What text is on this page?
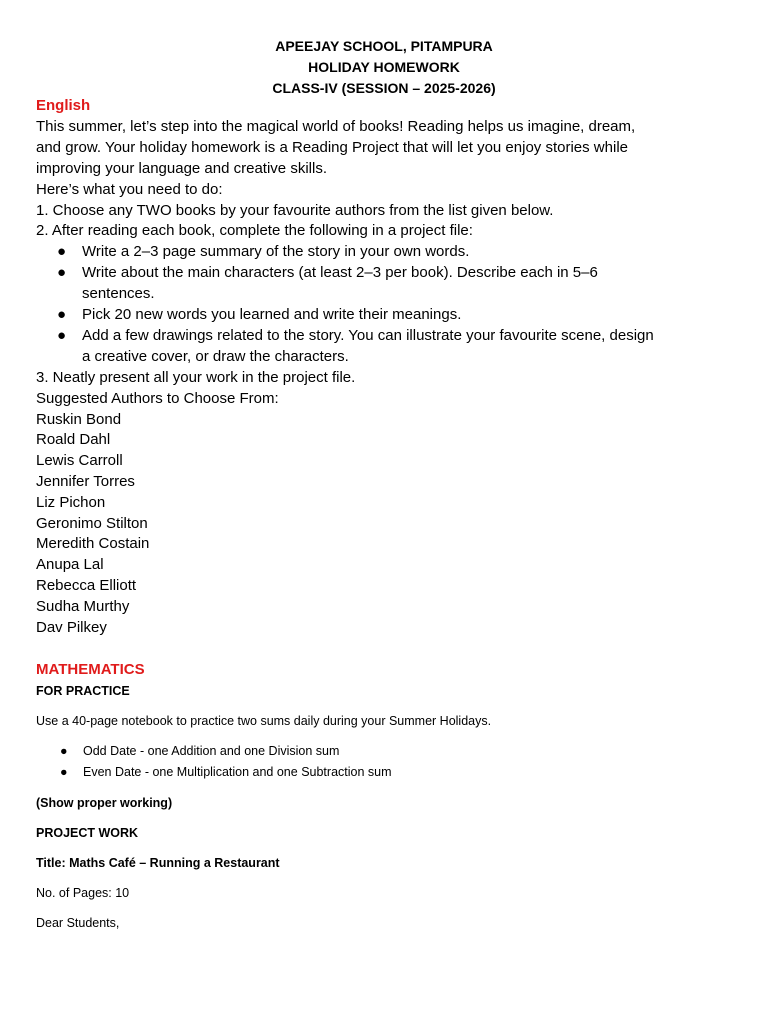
APEEJAY SCHOOL, PITAMPURA
HOLIDAY HOMEWORK
CLASS-IV (SESSION – 2025-2026)
English
This summer, let’s step into the magical world of books! Reading helps us imagine, dream,
and grow. Your holiday homework is a Reading Project that will let you enjoy stories while
improving your language and creative skills.
Here’s what you need to do:
1. Choose any TWO books by your favourite authors from the list given below.
2. After reading each book, complete the following in a project file:
● Write a 2–3 page summary of the story in your own words.
● Write about the main characters (at least 2–3 per book). Describe each in 5–6
sentences.
● Pick 20 new words you learned and write their meanings.
● Add a few drawings related to the story. You can illustrate your favourite scene, design
a creative cover, or draw the characters.
3. Neatly present all your work in the project file.
Suggested Authors to Choose From:
Ruskin Bond
Roald Dahl
Lewis Carroll
Jennifer Torres
Liz Pichon
Geronimo Stilton
Meredith Costain
Anupa Lal
Rebecca Elliott
Sudha Murthy
Dav Pilkey
MATHEMATICS
FOR PRACTICE
Use a 40-page notebook to practice two sums daily during your Summer Holidays.
● Odd Date - one Addition and one Division sum
● Even Date - one Multiplication and one Subtraction sum
(Show proper working)
PROJECT WORK
Title: Maths Café – Running a Restaurant
No. of Pages: 10
Dear Students,
